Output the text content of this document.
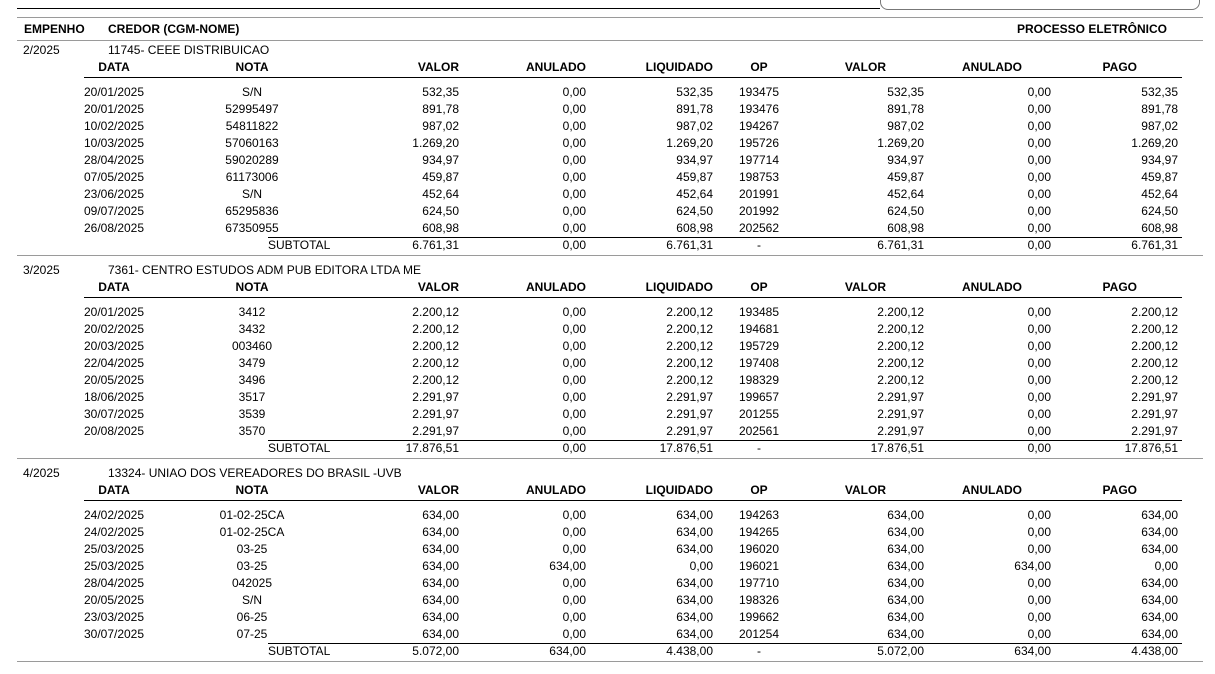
EMPENHO CREDOR (CGM-NOME)	PROCESSO ELETRÔNICO
2/2025	11745- CEEE DISTRIBUICAO
DATA	NOTA	VALOR	ANULADO	LIQUIDADO	OP	VALOR	ANULADO	PAGO
20/01/2025	S/N	532,35	0,00	532,35	193475	532,35	0,00	532,35
20/01/2025	52995497	891,78	0,00	891,78	193476	891,78	0,00	891,78
10/02/2025	54811822	987,02	0,00	987,02	194267	987,02	0,00	987,02
10/03/2025	57060163	1.269,20	0,00	1.269,20	195726	1.269,20	0,00	1.269,20
28/04/2025	59020289	934,97	0,00	934,97	197714	934,97	0,00	934,97
07/05/2025	61173006	459,87	0,00	459,87	198753	459,87	0,00	459,87
23/06/2025	S/N	452,64	0,00	452,64	201991	452,64	0,00	452,64
09/07/2025	65295836	624,50	0,00	624,50	201992	624,50	0,00	624,50
26/08/2025	67350955	608,98	0,00	608,98	202562	608,98	0,00	608,98
SUBTOTAL	6.761,31	0,00	6.761,31	-	6.761,31	0,00	6.761,31
3/2025	7361- CENTRO ESTUDOS ADM PUB EDITORA LTDA ME
DATA	NOTA	VALOR	ANULADO	LIQUIDADO	OP	VALOR	ANULADO	PAGO
20/01/2025	3412	2.200,12	0,00	2.200,12	193485	2.200,12	0,00	2.200,12
20/02/2025	3432	2.200,12	0,00	2.200,12	194681	2.200,12	0,00	2.200,12
20/03/2025	003460	2.200,12	0,00	2.200,12	195729	2.200,12	0,00	2.200,12
22/04/2025	3479	2.200,12	0,00	2.200,12	197408	2.200,12	0,00	2.200,12
20/05/2025	3496	2.200,12	0,00	2.200,12	198329	2.200,12	0,00	2.200,12
18/06/2025	3517	2.291,97	0,00	2.291,97	199657	2.291,97	0,00	2.291,97
30/07/2025	3539	2.291,97	0,00	2.291,97	201255	2.291,97	0,00	2.291,97
20/08/2025	3570	2.291,97	0,00	2.291,97	202561	2.291,97	0,00	2.291,97
SUBTOTAL	17.876,51	0,00	17.876,51	-	17.876,51	0,00	17.876,51
4/2025	13324- UNIAO DOS VEREADORES DO BRASIL -UVB
DATA	NOTA	VALOR	ANULADO	LIQUIDADO	OP	VALOR	ANULADO	PAGO
24/02/2025	01-02-25CA	634,00	0,00	634,00	194263	634,00	0,00	634,00
24/02/2025	01-02-25CA	634,00	0,00	634,00	194265	634,00	0,00	634,00
25/03/2025	03-25	634,00	0,00	634,00	196020	634,00	0,00	634,00
25/03/2025	03-25	634,00	634,00	0,00	196021	634,00	634,00	0,00
28/04/2025	042025	634,00	0,00	634,00	197710	634,00	0,00	634,00
20/05/2025	S/N	634,00	0,00	634,00	198326	634,00	0,00	634,00
23/03/2025	06-25	634,00	0,00	634,00	199662	634,00	0,00	634,00
30/07/2025	07-25	634,00	0,00	634,00	201254	634,00	0,00	634,00
SUBTOTAL	5.072,00	634,00	4.438,00	-	5.072,00	634,00	4.438,00
